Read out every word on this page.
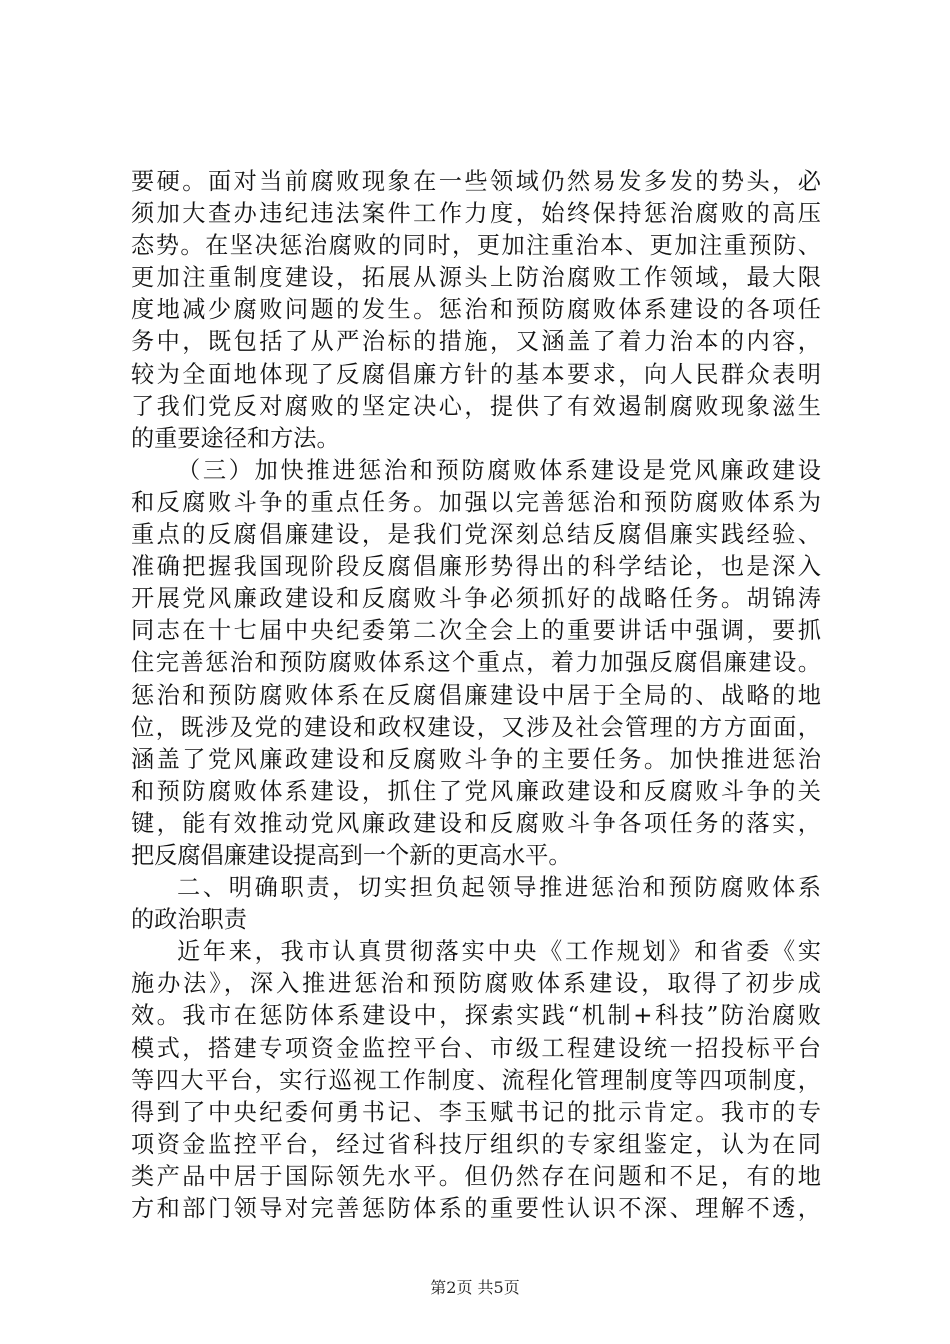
要硬。面对当前腐败现象在一些领域仍然易发多发的势头，必
须加大查办违纪违法案件工作力度，始终保持惩治腐败的高压
态势。在坚决惩治腐败的同时，更加注重治本、更加注重预防、
更加注重制度建设，拓展从源头上防治腐败工作领域，最大限
度地减少腐败问题的发生。惩治和预防腐败体系建设的各项任
务中，既包括了从严治标的措施，又涵盖了着力治本的内容，
较为全面地体现了反腐倡廉方针的基本要求，向人民群众表明
了我们党反对腐败的坚定决心，提供了有效遏制腐败现象滋生
的重要途径和方法。
（三）加快推进惩治和预防腐败体系建设是党风廉政建设
和反腐败斗争的重点任务。加强以完善惩治和预防腐败体系为
重点的反腐倡廉建设，是我们党深刻总结反腐倡廉实践经验、
准确把握我国现阶段反腐倡廉形势得出的科学结论，也是深入
开展党风廉政建设和反腐败斗争必须抓好的战略任务。胡锦涛
同志在十七届中央纪委第二次全会上的重要讲话中强调，要抓
住完善惩治和预防腐败体系这个重点，着力加强反腐倡廉建设。
惩治和预防腐败体系在反腐倡廉建设中居于全局的、战略的地
位，既涉及党的建设和政权建设，又涉及社会管理的方方面面，
涵盖了党风廉政建设和反腐败斗争的主要任务。加快推进惩治
和预防腐败体系建设，抓住了党风廉政建设和反腐败斗争的关
键，能有效推动党风廉政建设和反腐败斗争各项任务的落实，
把反腐倡廉建设提高到一个新的更高水平。
二、明确职责，切实担负起领导推进惩治和预防腐败体系
的政治职责
近年来，我市认真贯彻落实中央《工作规划》和省委《实
施办法》，深入推进惩治和预防腐败体系建设，取得了初步成
效。我市在惩防体系建设中，探索实践“机制+科技”防治腐败
模式，搭建专项资金监控平台、市级工程建设统一招投标平台
等四大平台，实行巡视工作制度、流程化管理制度等四项制度，
得到了中央纪委何勇书记、李玉赋书记的批示肯定。我市的专
项资金监控平台，经过省科技厅组织的专家组鉴定，认为在同
类产品中居于国际领先水平。但仍然存在问题和不足，有的地
方和部门领导对完善惩防体系的重要性认识不深、理解不透，
第2页 共5页
